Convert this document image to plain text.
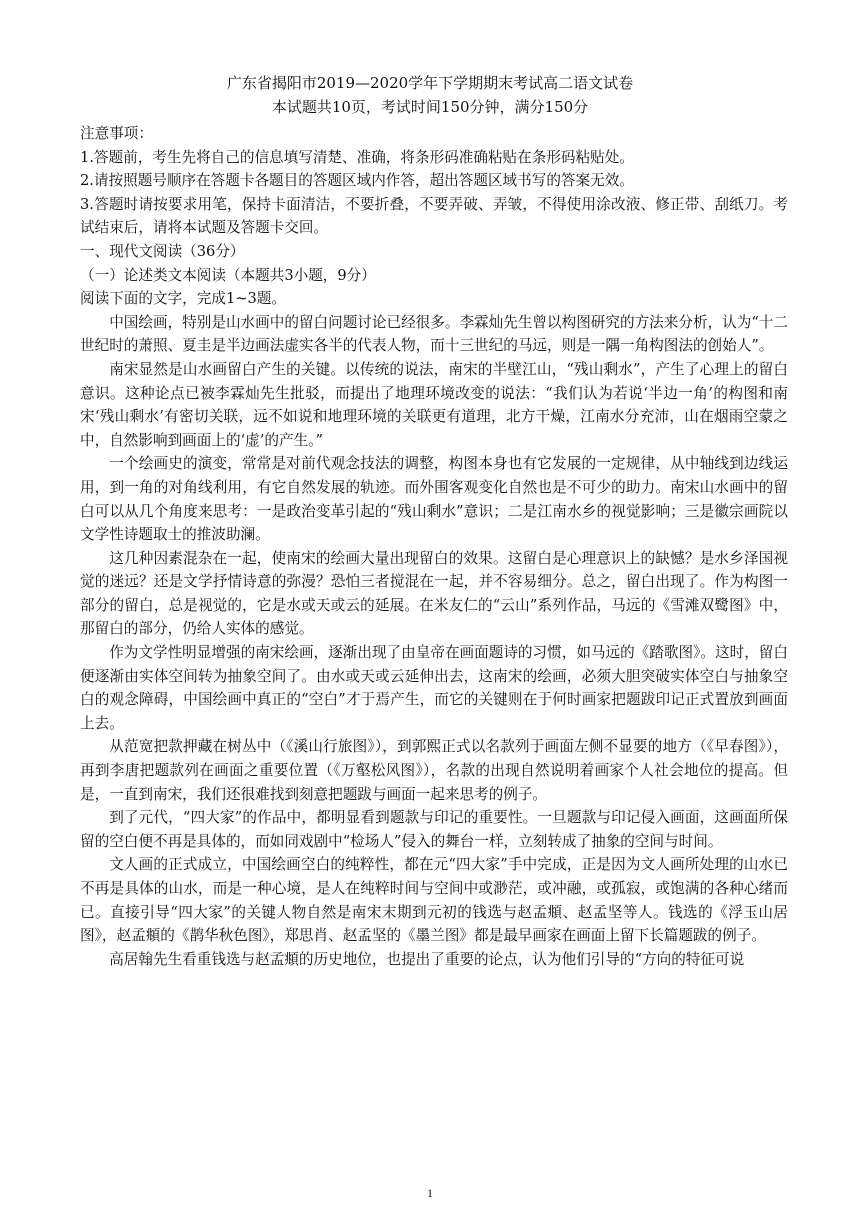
广东省揭阳市2019—2020学年下学期期末考试高二语文试卷
本试题共10页，考试时间150分钟，满分150分

注意事项：

1.答题前，考生先将自己的信息填写清楚、准确，将条形码准确粘贴在条形码粘贴处。

2.请按照题号顺序在答题卡各题目的答题区域内作答，超出答题区域书写的答案无效。

3.答题时请按要求用笔，保持卡面清洁，不要折叠，不要弄破、弄皱，不得使用涂改液、修正带、刮纸刀。考试结束后，请将本试题及答题卡交回。

一、现代文阅读（36分）

（一）论述类文本阅读（本题共3小题，9分）

阅读下面的文字，完成1~3题。

中国绘画，特别是山水画中的留白问题讨论已经很多。李霖灿先生曾以构图研究的方法来分析，认为“十二世纪时的萧照、夏圭是半边画法虚实各半的代表人物，而十三世纪的马远，则是一隅一角构图法的创始人”。

南宋显然是山水画留白产生的关键。以传统的说法，南宋的半壁江山，“残山剩水”，产生了心理上的留白意识。这种论点已被李霖灿先生批驳，而提出了地理环境改变的说法：“我们认为若说‘半边一角’的构图和南宋‘残山剩水’有密切关联，远不如说和地理环境的关联更有道理，北方干燥，江南水分充沛，山在烟雨空蒙之中，自然影响到画面上的‘虚’的产生。”

一个绘画史的演变，常常是对前代观念技法的调整，构图本身也有它发展的一定规律，从中轴线到边线运用，到一角的对角线利用，有它自然发展的轨迹。而外围客观变化自然也是不可少的助力。南宋山水画中的留白可以从几个角度来思考：一是政治变革引起的“残山剩水”意识；二是江南水乡的视觉影响；三是徽宗画院以文学性诗题取士的推波助澜。

这几种因素混杂在一起，使南宋的绘画大量出现留白的效果。这留白是心理意识上的缺憾？是水乡泽国视觉的迷远？还是文学抒情诗意的弥漫？恐怕三者搅混在一起，并不容易细分。总之，留白出现了。作为构图一部分的留白，总是视觉的，它是水或天或云的延展。在米友仁的“云山”系列作品，马远的《雪滩双鹭图》中，那留白的部分，仍给人实体的感觉。

作为文学性明显增强的南宋绘画，逐渐出现了由皇帝在画面题诗的习惯，如马远的《踏歌图》。这时，留白便逐渐由实体空间转为抽象空间了。由水或天或云延伸出去，这南宋的绘画，必须大胆突破实体空白与抽象空白的观念障碍，中国绘画中真正的“空白”才于焉产生，而它的关键则在于何时画家把题跋印记正式置放到画面上去。

从范宽把款押藏在树丛中（《溪山行旅图》），到郭熙正式以名款列于画面左侧不显要的地方（《早春图》），再到李唐把题款列在画面之重要位置（《万壑松风图》），名款的出现自然说明着画家个人社会地位的提高。但是，一直到南宋，我们还很难找到刻意把题跋与画面一起来思考的例子。

到了元代，“四大家”的作品中，都明显看到题款与印记的重要性。一旦题款与印记侵入画面，这画面所保留的空白便不再是具体的，而如同戏剧中“检场人”侵入的舞台一样，立刻转成了抽象的空间与时间。

文人画的正式成立，中国绘画空白的纯粹性，都在元“四大家”手中完成，正是因为文人画所处理的山水已不再是具体的山水，而是一种心境，是人在纯粹时间与空间中或渺茫，或冲融，或孤寂，或饱满的各种心绪而已。直接引导“四大家”的关键人物自然是南宋末期到元初的钱选与赵孟頫、赵孟坚等人。钱选的《浮玉山居图》，赵孟頫的《鹊华秋色图》，郑思肖、赵孟坚的《墨兰图》都是最早画家在画面上留下长篇题跋的例子。

高居翰先生看重钱选与赵孟頫的历史地位，也提出了重要的论点，认为他们引导的“方向的特征可说

1
